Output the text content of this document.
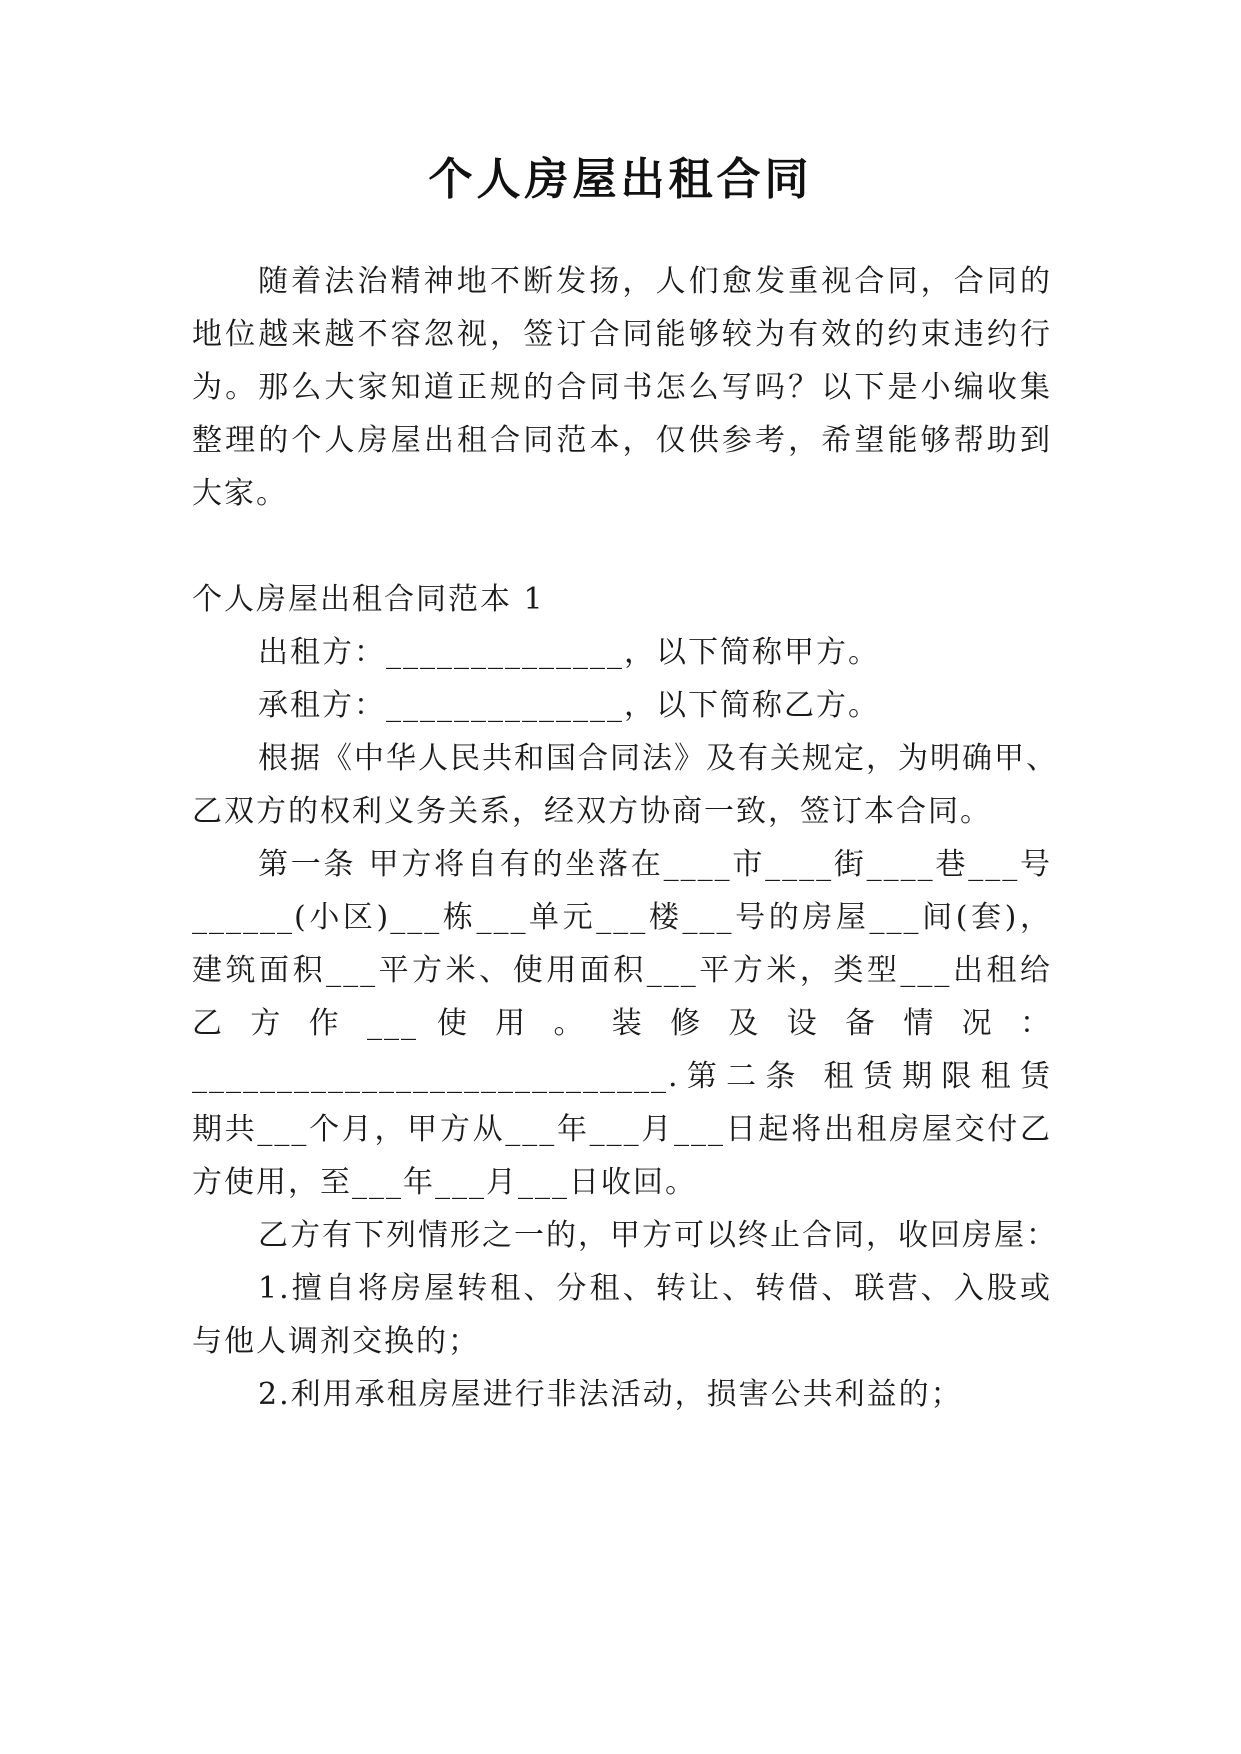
个人房屋出租合同
随着法治精神地不断发扬，人们愈发重视合同，合同的
地位越来越不容忽视，签订合同能够较为有效的约束违约行
为。那么大家知道正规的合同书怎么写吗？以下是小编收集
整理的个人房屋出租合同范本，仅供参考，希望能够帮助到
大家。
个人房屋出租合同范本 1
出租方：______________，以下简称甲方。
承租方：______________，以下简称乙方。
根据《中华人民共和国合同法》及有关规定，为明确甲、
乙双方的权利义务关系，经双方协商一致，签订本合同。
第一条 甲方将自有的坐落在____市____街____巷___号
______(小区)___栋___单元___楼___号的房屋___间(套)，
建筑面积___平方米、使用面积___平方米，类型___出租给
乙 方 作 ___ 使 用 。 装 修 及 设 备 情 况 ：
____________________________.第二条 租赁期限租赁
期共___个月，甲方从___年___月___日起将出租房屋交付乙
方使用，至___年___月___日收回。
乙方有下列情形之一的，甲方可以终止合同，收回房屋：
1.擅自将房屋转租、分租、转让、转借、联营、入股或
与他人调剂交换的；
2.利用承租房屋进行非法活动，损害公共利益的；
